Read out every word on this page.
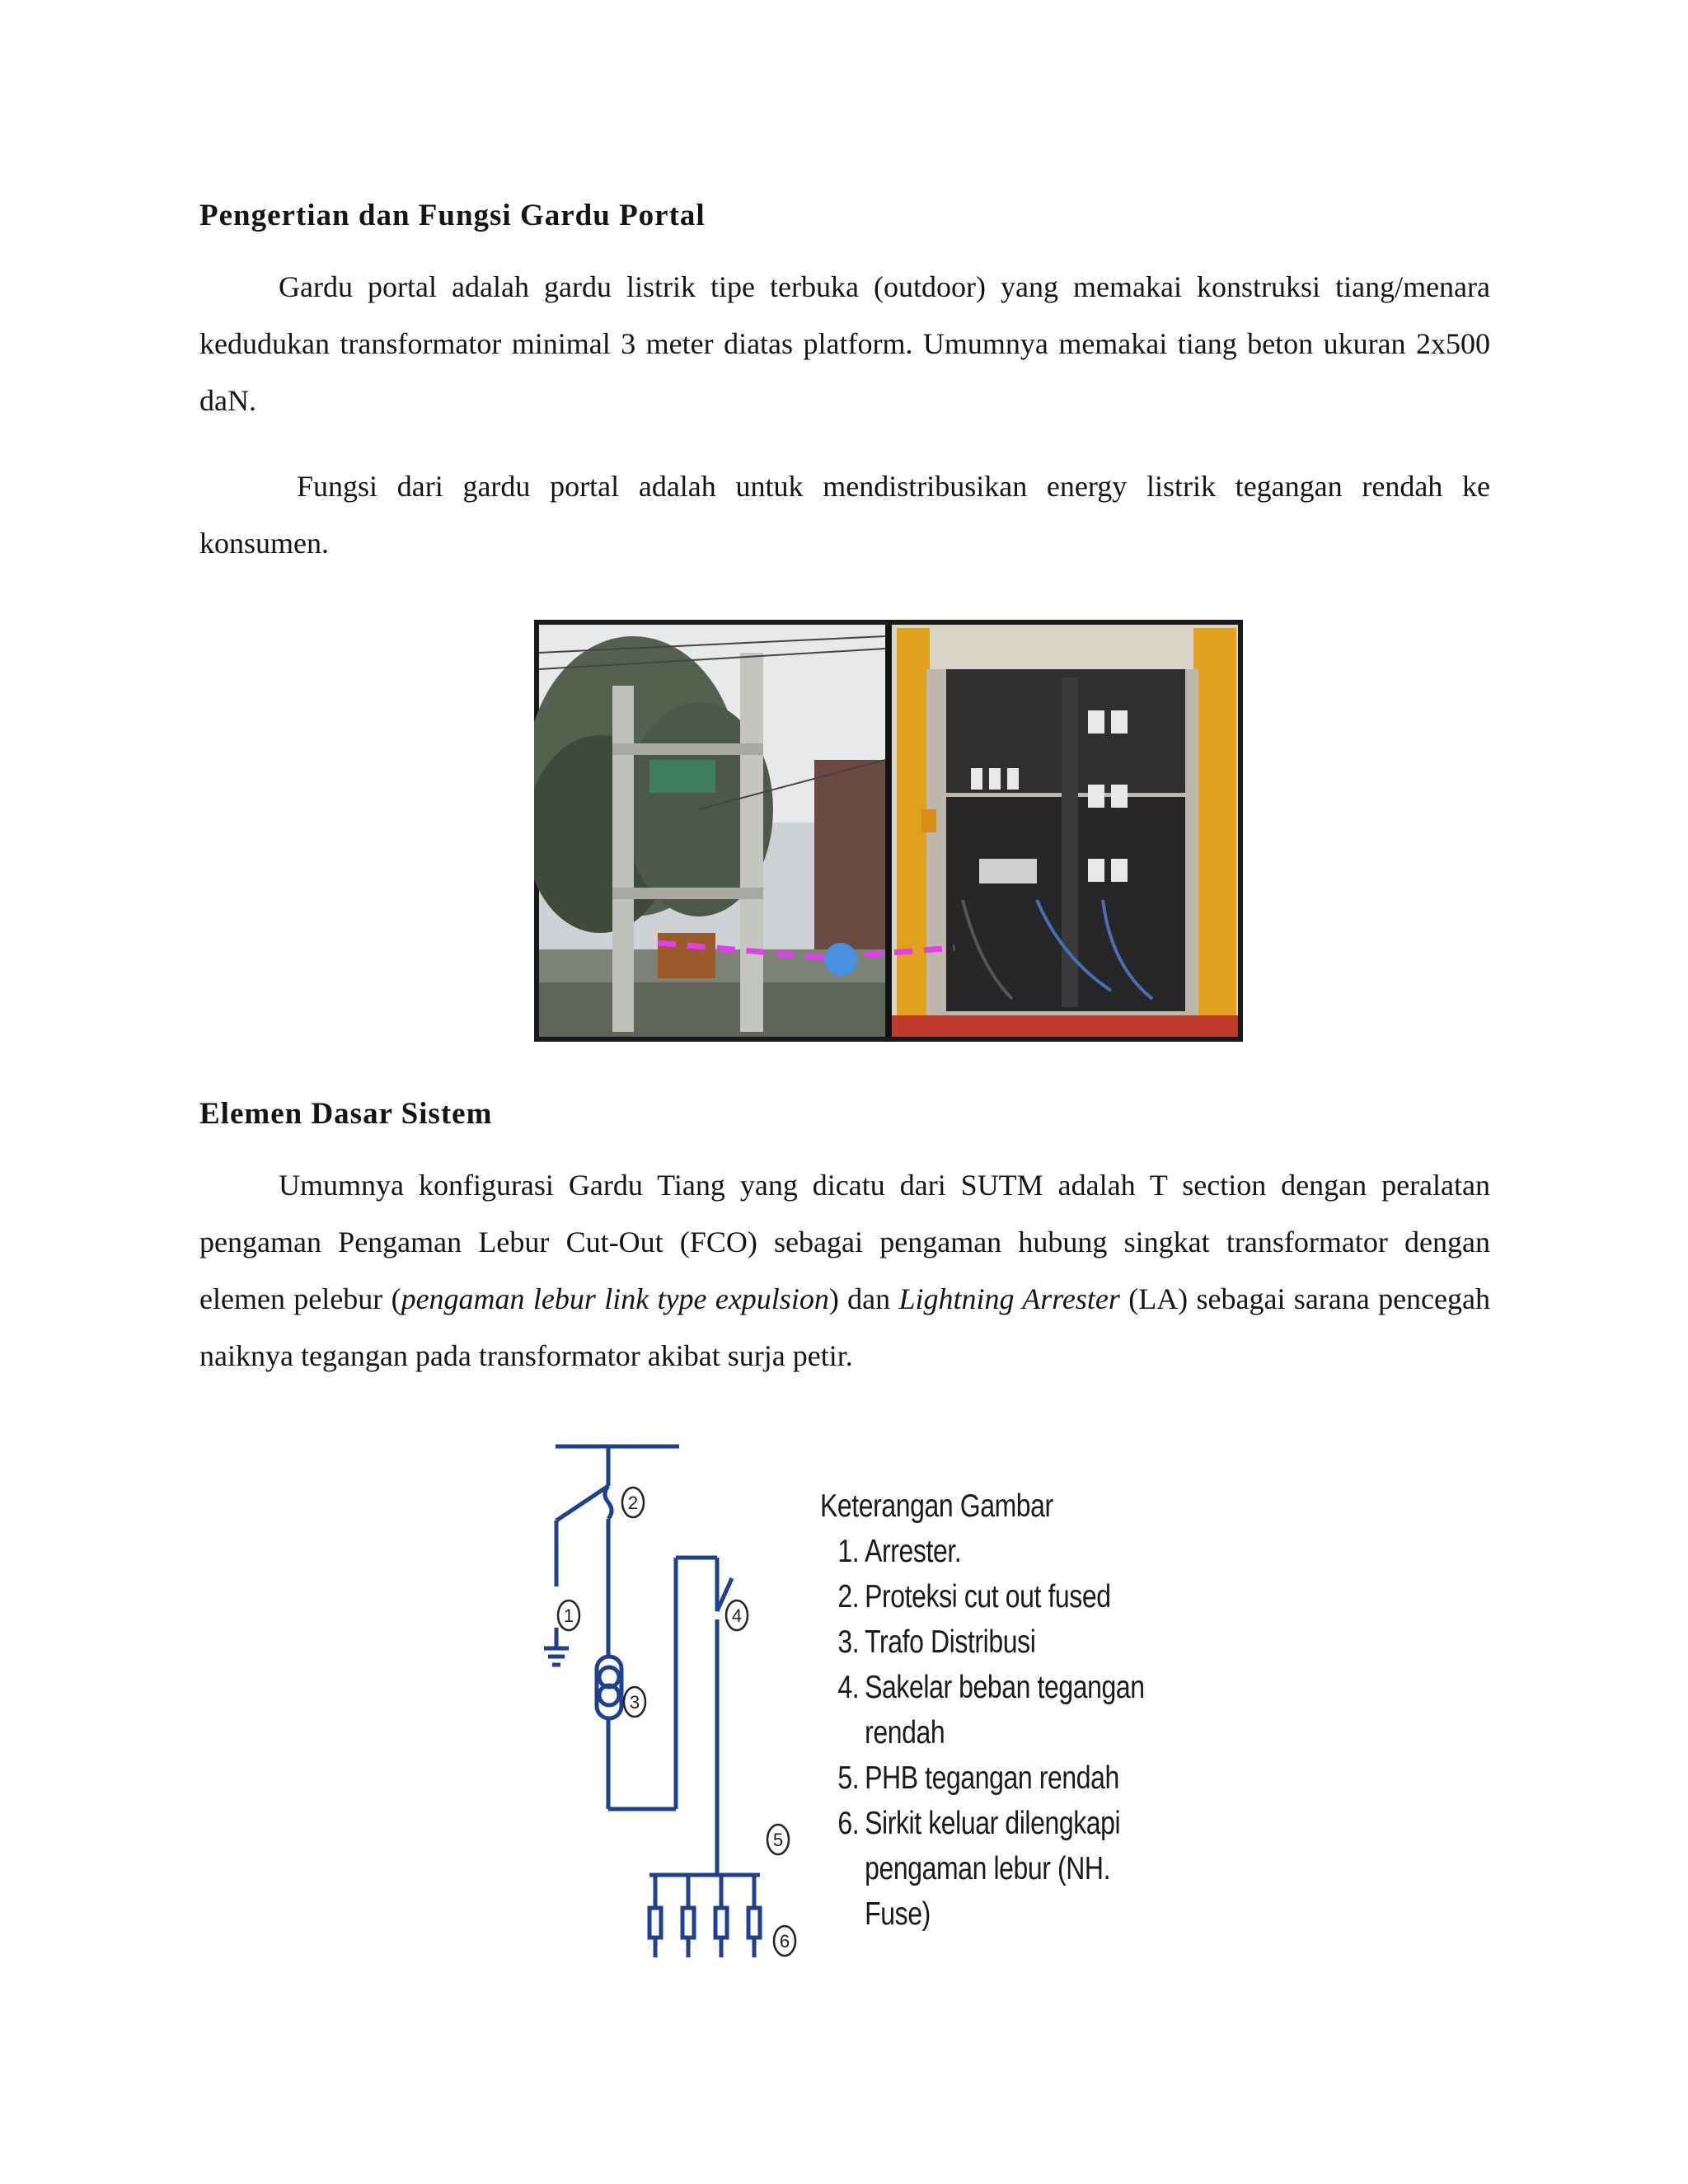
Pengertian dan Fungsi Gardu Portal

Gardu portal adalah gardu listrik tipe terbuka (outdoor) yang memakai konstruksi tiang/menara kedudukan transformator minimal 3 meter diatas platform. Umumnya memakai tiang beton ukuran 2x500 daN.

Fungsi dari gardu portal adalah untuk mendistribusikan energy listrik tegangan rendah ke konsumen.

Elemen Dasar Sistem

Umumnya konfigurasi Gardu Tiang yang dicatu dari SUTM adalah T section dengan peralatan pengaman Pengaman Lebur Cut-Out (FCO) sebagai pengaman hubung singkat transformator dengan elemen pelebur (pengaman lebur link type expulsion) dan Lightning Arrester (LA) sebagai sarana pencegah naiknya tegangan pada transformator akibat surja petir.

1
2
3
4
5
6

Keterangan Gambar

1. Arrester.
2. Proteksi cut out fused
3. Trafo Distribusi
4. Sakelar beban tegangan rendah
5. PHB tegangan rendah
6. Sirkit keluar dilengkapi pengaman lebur (NH. Fuse)
